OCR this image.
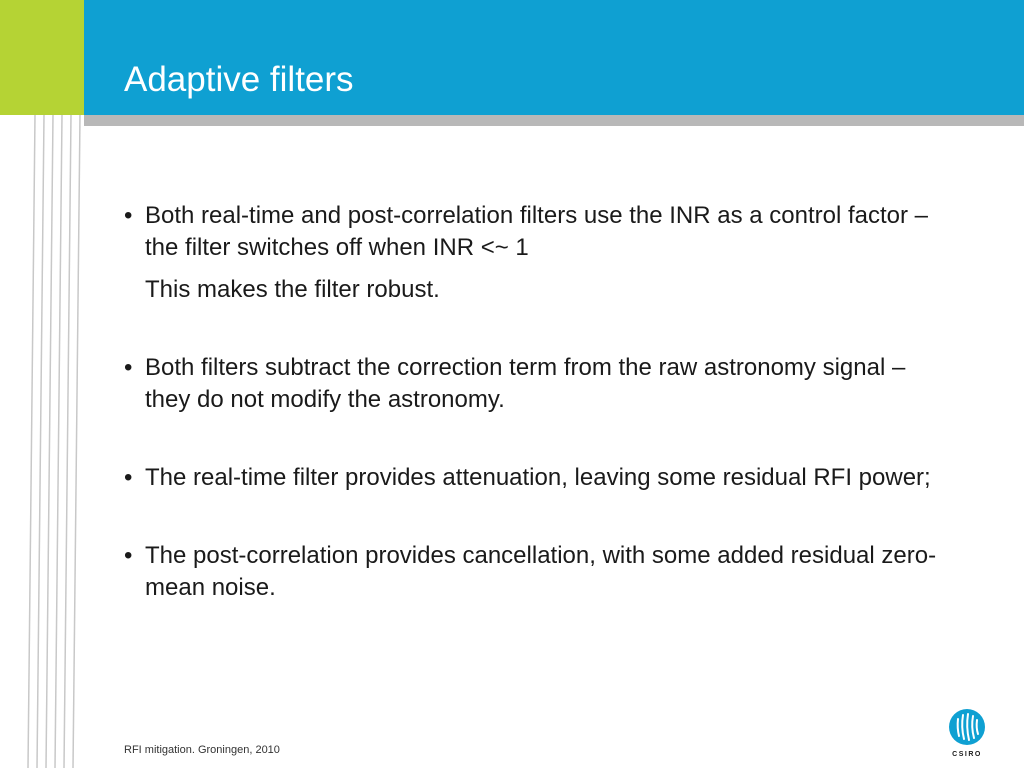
Adaptive filters
• Both real-time and post-correlation filters use the INR as a control factor – the filter switches off when INR <~ 1
This makes the filter robust.
• Both filters subtract the correction term from the raw astronomy signal – they do not modify the astronomy.
• The real-time filter provides attenuation, leaving some residual RFI power;
• The post-correlation provides cancellation, with some added residual zero-mean noise.
RFI mitigation. Groningen, 2010	CSIRO
